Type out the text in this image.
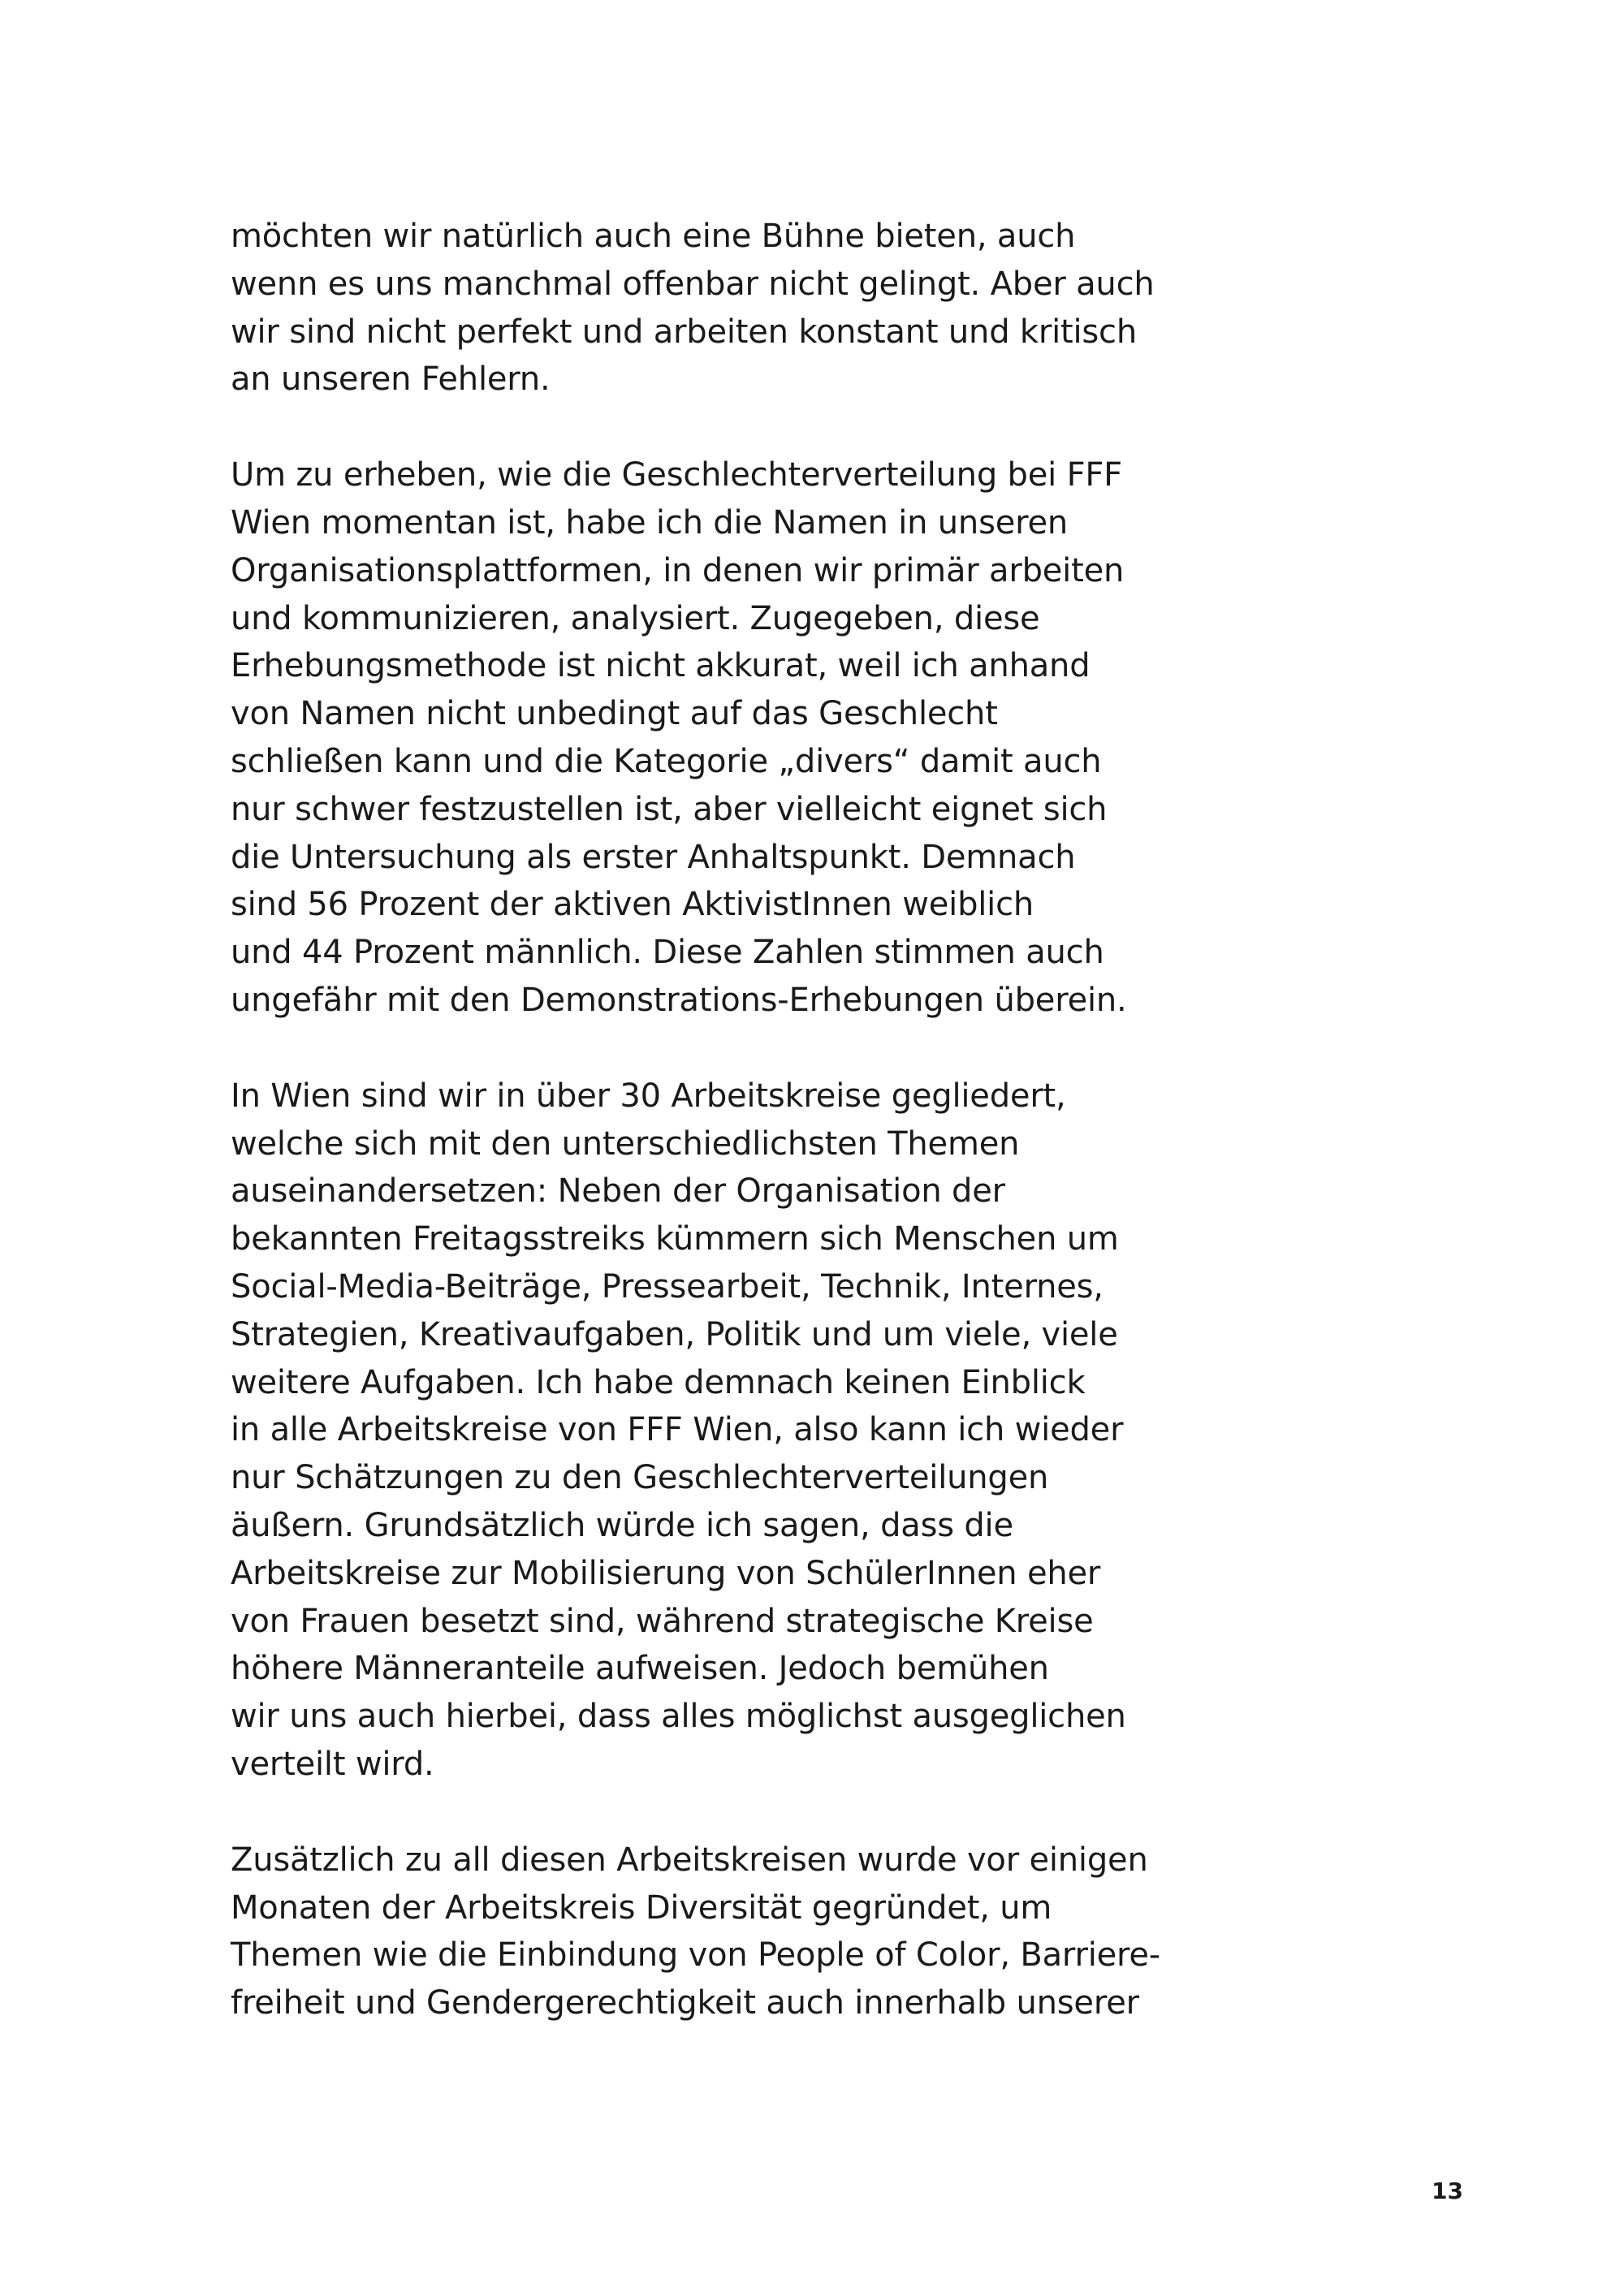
möchten wir natürlich auch eine Bühne bieten, auch
wenn es uns manchmal offenbar nicht gelingt. Aber auch
wir sind nicht perfekt und arbeiten konstant und kritisch
an unseren Fehlern.

Um zu erheben, wie die Geschlechterverteilung bei FFF
Wien momentan ist, habe ich die Namen in unseren
Organisationsplattformen, in denen wir primär arbeiten
und kommunizieren, analysiert. Zugegeben, diese
Erhebungsmethode ist nicht akkurat, weil ich anhand
von Namen nicht unbedingt auf das Geschlecht
schließen kann und die Kategorie „divers“ damit auch
nur schwer festzustellen ist, aber vielleicht eignet sich
die Untersuchung als erster Anhaltspunkt. Demnach
sind 56 Prozent der aktiven AktivistInnen weiblich
und 44 Prozent männlich. Diese Zahlen stimmen auch
ungefähr mit den Demonstrations-Erhebungen überein.

In Wien sind wir in über 30 Arbeitskreise gegliedert,
welche sich mit den unterschiedlichsten Themen
auseinandersetzen: Neben der Organisation der
bekannten Freitagsstreiks kümmern sich Menschen um
Social-Media-Beiträge, Pressearbeit, Technik, Internes,
Strategien, Kreativaufgaben, Politik und um viele, viele
weitere Aufgaben. Ich habe demnach keinen Einblick
in alle Arbeitskreise von FFF Wien, also kann ich wieder
nur Schätzungen zu den Geschlechterverteilungen
äußern. Grundsätzlich würde ich sagen, dass die
Arbeitskreise zur Mobilisierung von SchülerInnen eher
von Frauen besetzt sind, während strategische Kreise
höhere Männeranteile aufweisen. Jedoch bemühen
wir uns auch hierbei, dass alles möglichst ausgeglichen
verteilt wird.

Zusätzlich zu all diesen Arbeitskreisen wurde vor einigen
Monaten der Arbeitskreis Diversität gegründet, um
Themen wie die Einbindung von People of Color, Barriere-
freiheit und Gendergerechtigkeit auch innerhalb unserer

13
